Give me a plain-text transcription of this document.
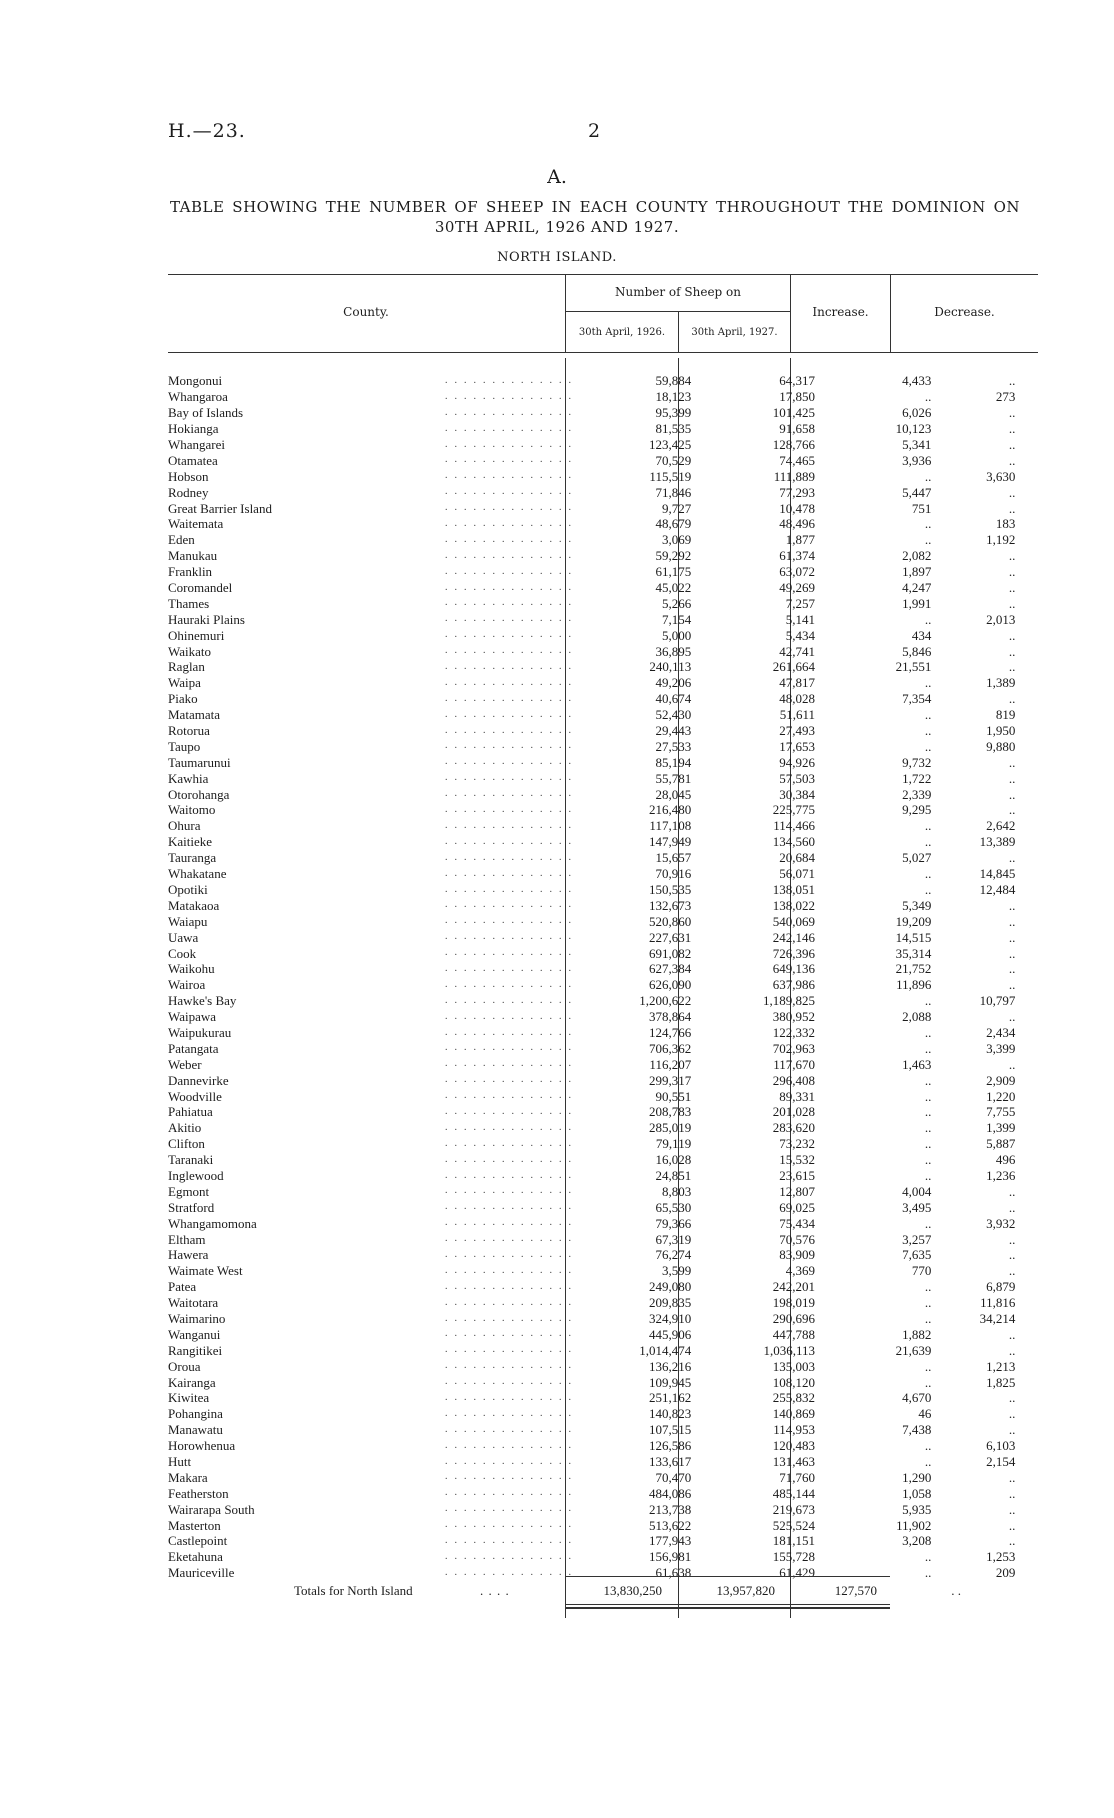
H.—23.	2
A.
TABLE SHOWING THE NUMBER OF SHEEP IN EACH COUNTY THROUGHOUT THE DOMINION ON
30TH APRIL, 1926 AND 1927.
NORTH ISLAND.
County.
Number of Sheep on
30th April, 1926.	30th April, 1927.
Increase.	Decrease.
. . . . . . . . . . . . . .
Mongonui	59,884	64,317	4,433	..

. . . . . . . . . . . . . .
Whangaroa	18,123	17,850	..	273

. . . . . . . . . . . . . .
Bay of Islands	95,399	101,425	6,026	..

. . . . . . . . . . . . . .
Hokianga	81,535	91,658	10,123	..

. . . . . . . . . . . . . .
Whangarei	123,425	128,766	5,341	..

. . . . . . . . . . . . . .
Otamatea	70,529	74,465	3,936	..

. . . . . . . . . . . . . .
Hobson	115,519	111,889	..	3,630

. . . . . . . . . . . . . .
Rodney	71,846	77,293	5,447	..

. . . . . . . . . . . . . .
Great Barrier Island	9,727	10,478	751	..

. . . . . . . . . . . . . .
Waitemata	48,679	48,496	..	183

. . . . . . . . . . . . . .
Eden	3,069	1,877	..	1,192

. . . . . . . . . . . . . .
Manukau	59,292	61,374	2,082	..

. . . . . . . . . . . . . .
Franklin	61,175	63,072	1,897	..

. . . . . . . . . . . . . .
Coromandel	45,022	49,269	4,247	..

. . . . . . . . . . . . . .
Thames	5,266	7,257	1,991	..

. . . . . . . . . . . . . .
Hauraki Plains	7,154	5,141	..	2,013

. . . . . . . . . . . . . .
Ohinemuri	5,000	5,434	434	..

. . . . . . . . . . . . . .
Waikato	36,895	42,741	5,846	..

. . . . . . . . . . . . . .
Raglan	240,113	261,664	21,551	..

. . . . . . . . . . . . . .
Waipa	49,206	47,817	..	1,389

. . . . . . . . . . . . . .
Piako	40,674	48,028	7,354	..

. . . . . . . . . . . . . .
Matamata	52,430	51,611	..	819

. . . . . . . . . . . . . .
Rotorua	29,443	27,493	..	1,950

. . . . . . . . . . . . . .
Taupo	27,533	17,653	..	9,880

. . . . . . . . . . . . . .
Taumarunui	85,194	94,926	9,732	..

. . . . . . . . . . . . . .
Kawhia	55,781	57,503	1,722	..

. . . . . . . . . . . . . .
Otorohanga	28,045	30,384	2,339	..

. . . . . . . . . . . . . .
Waitomo	216,480	225,775	9,295	..

. . . . . . . . . . . . . .
Ohura	117,108	114,466	..	2,642

. . . . . . . . . . . . . .
Kaitieke	147,949	134,560	..	13,389

. . . . . . . . . . . . . .
Tauranga	15,657	20,684	5,027	..

. . . . . . . . . . . . . .
Whakatane	70,916	56,071	..	14,845

. . . . . . . . . . . . . .
Opotiki	150,535	138,051	..	12,484

. . . . . . . . . . . . . .
Matakaoa	132,673	138,022	5,349	..

. . . . . . . . . . . . . .
Waiapu	520,860	540,069	19,209	..

. . . . . . . . . . . . . .
Uawa	227,631	242,146	14,515	..

. . . . . . . . . . . . . .
Cook	691,082	726,396	35,314	..

. . . . . . . . . . . . . .
Waikohu	627,384	649,136	21,752	..

. . . . . . . . . . . . . .
Wairoa	626,090	637,986	11,896	..

. . . . . . . . . . . . . .
Hawke's Bay	1,200,622	1,189,825	..	10,797

. . . . . . . . . . . . . .
Waipawa	378,864	380,952	2,088	..

. . . . . . . . . . . . . .
Waipukurau	124,766	122,332	..	2,434

. . . . . . . . . . . . . .
Patangata	706,362	702,963	..	3,399

. . . . . . . . . . . . . .
Weber	116,207	117,670	1,463	..

. . . . . . . . . . . . . .
Dannevirke	299,317	296,408	..	2,909

. . . . . . . . . . . . . .
Woodville	90,551	89,331	..	1,220

. . . . . . . . . . . . . .
Pahiatua	208,783	201,028	..	7,755

. . . . . . . . . . . . . .
Akitio	285,019	283,620	..	1,399

. . . . . . . . . . . . . .
Clifton	79,119	73,232	..	5,887

. . . . . . . . . . . . . .
Taranaki	16,028	15,532	..	496

. . . . . . . . . . . . . .
Inglewood	24,851	23,615	..	1,236

. . . . . . . . . . . . . .
Egmont	8,803	12,807	4,004	..

. . . . . . . . . . . . . .
Stratford	65,530	69,025	3,495	..

. . . . . . . . . . . . . .
Whangamomona	79,366	75,434	..	3,932

. . . . . . . . . . . . . .
Eltham	67,319	70,576	3,257	..

. . . . . . . . . . . . . .
Hawera	76,274	83,909	7,635	..

. . . . . . . . . . . . . .
Waimate West	3,599	4,369	770	..

. . . . . . . . . . . . . .
Patea	249,080	242,201	..	6,879

. . . . . . . . . . . . . .
Waitotara	209,835	198,019	..	11,816

. . . . . . . . . . . . . .
Waimarino	324,910	290,696	..	34,214

. . . . . . . . . . . . . .
Wanganui	445,906	447,788	1,882	..

. . . . . . . . . . . . . .
Rangitikei	1,014,474	1,036,113	21,639	..

. . . . . . . . . . . . . .
Oroua	136,216	135,003	..	1,213

. . . . . . . . . . . . . .
Kairanga	109,945	108,120	..	1,825

. . . . . . . . . . . . . .
Kiwitea	251,162	255,832	4,670	..

. . . . . . . . . . . . . .
Pohangina	140,823	140,869	46	..

. . . . . . . . . . . . . .
Manawatu	107,515	114,953	7,438	..

. . . . . . . . . . . . . .
Horowhenua	126,586	120,483	..	6,103

. . . . . . . . . . . . . .
Hutt	133,617	131,463	..	2,154

. . . . . . . . . . . . . .
Makara	70,470	71,760	1,290	..

. . . . . . . . . . . . . .
Featherston	484,086	485,144	1,058	..

. . . . . . . . . . . . . .
Wairarapa South	213,738	219,673	5,935	..

. . . . . . . . . . . . . .
Masterton	513,622	525,524	11,902	..

. . . . . . . . . . . . . .
Castlepoint	177,943	181,151	3,208	..

. . . . . . . . . . . . . .
Eketahuna	156,981	155,728	..	1,253

. . . . . . . . . . . . . .
Mauriceville	61,638	61,429	..	209
Totals for North Island	. . . .	13,830,250	13,957,820	127,570	. .
